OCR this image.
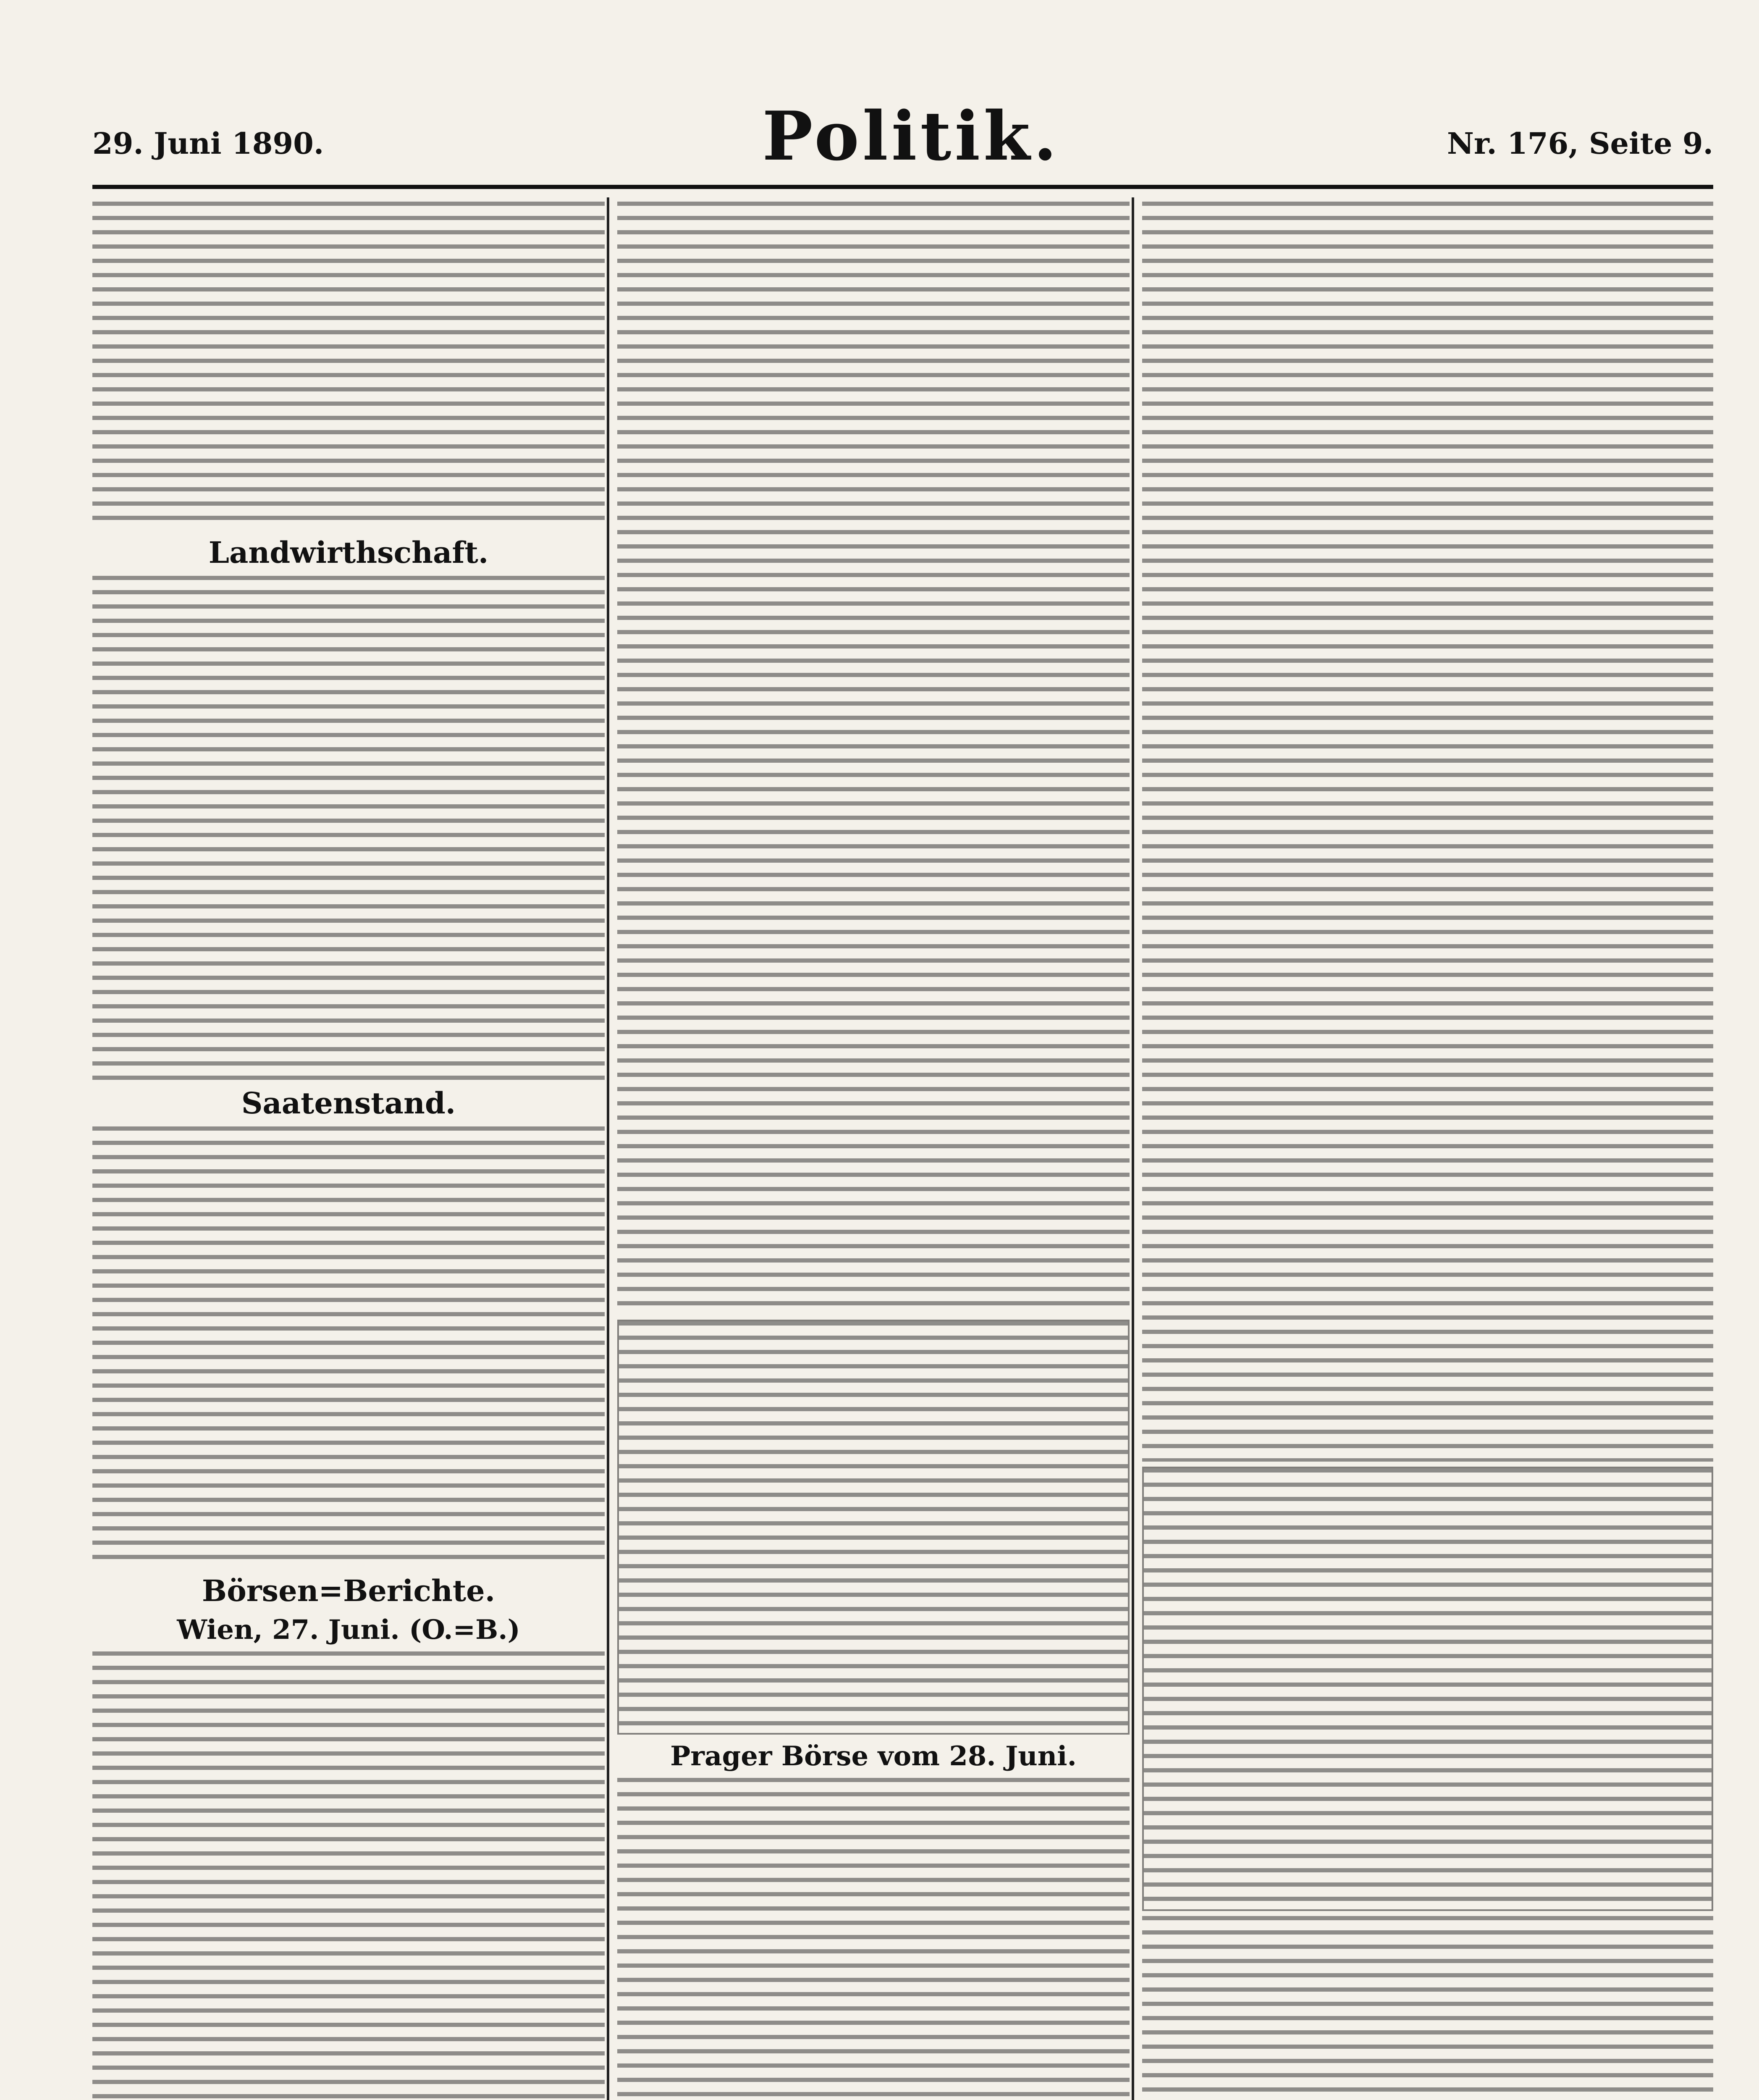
29. Juni 1890.	Politik.	Nr. 176, Seite 9.
Landwirthschaft.
Saatenstand.
Börsen=Berichte.
Wien, 27. Juni. (O.=B.)
Prager Börse vom 28. Juni.
